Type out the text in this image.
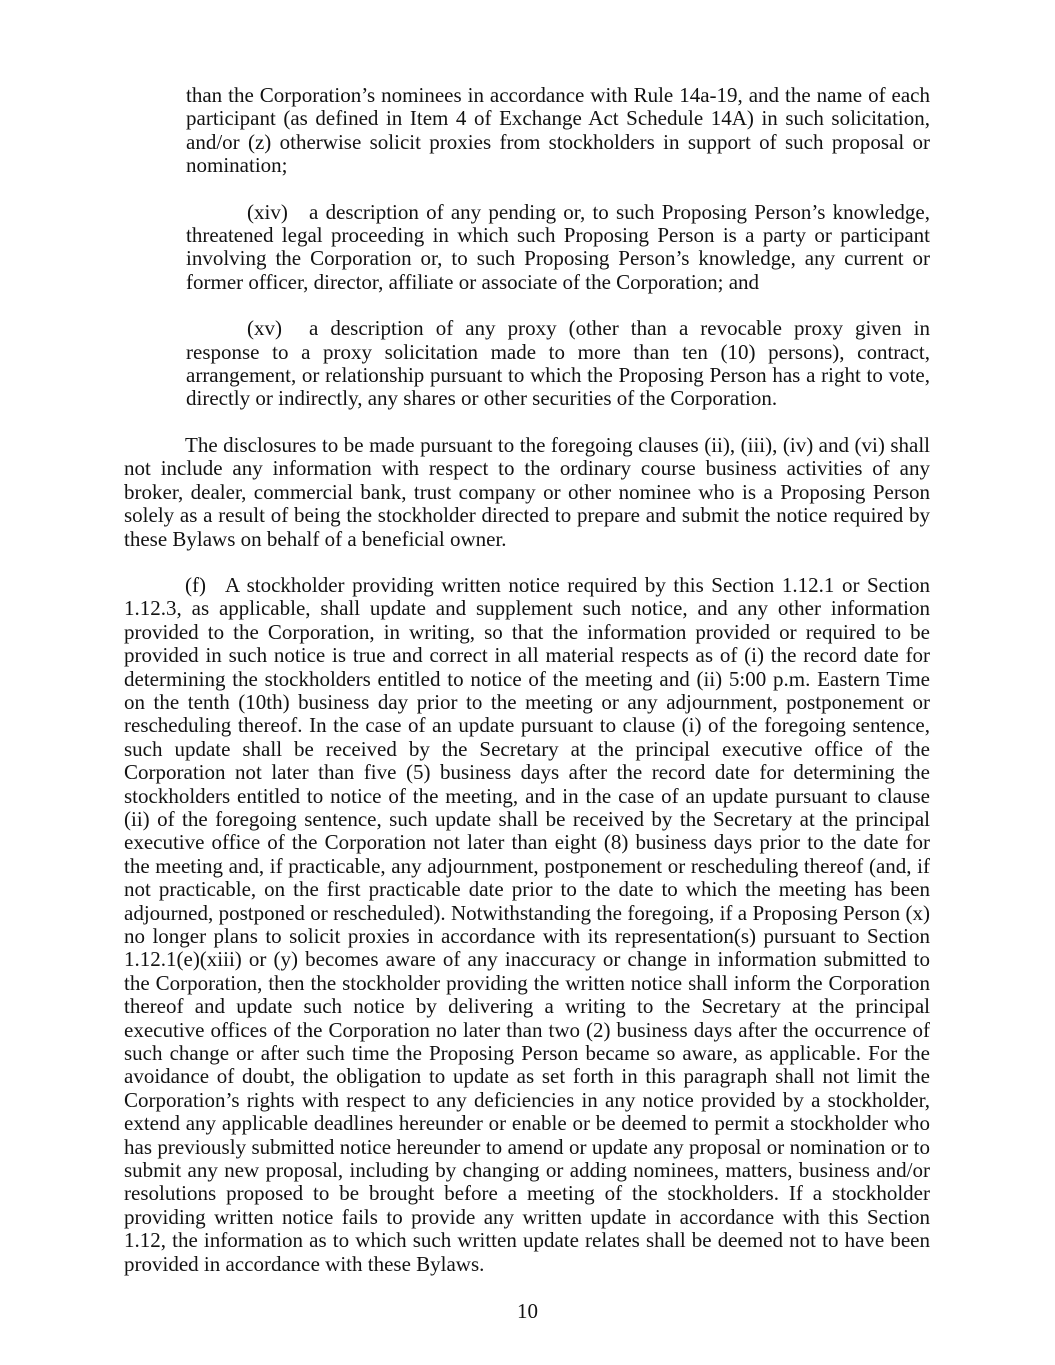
than the Corporation’s nominees in accordance with Rule 14a-19, and the name of each participant (as defined in Item 4 of Exchange Act Schedule 14A) in such solicitation, and/or (z) otherwise solicit proxies from stockholders in support of such proposal or nomination;

(xiv) a description of any pending or, to such Proposing Person’s knowledge, threatened legal proceeding in which such Proposing Person is a party or participant involving the Corporation or, to such Proposing Person’s knowledge, any current or former officer, director, affiliate or associate of the Corporation; and

(xv) a description of any proxy (other than a revocable proxy given in response to a proxy solicitation made to more than ten (10) persons), contract, arrangement, or relationship pursuant to which the Proposing Person has a right to vote, directly or indirectly, any shares or other securities of the Corporation.

The disclosures to be made pursuant to the foregoing clauses (ii), (iii), (iv) and (vi) shall not include any information with respect to the ordinary course business activities of any broker, dealer, commercial bank, trust company or other nominee who is a Proposing Person solely as a result of being the stockholder directed to prepare and submit the notice required by these Bylaws on behalf of a beneficial owner.

(f) A stockholder providing written notice required by this Section 1.12.1 or Section 1.12.3, as applicable, shall update and supplement such notice, and any other information provided to the Corporation, in writing, so that the information provided or required to be provided in such notice is true and correct in all material respects as of (i) the record date for determining the stockholders entitled to notice of the meeting and (ii) 5:00 p.m. Eastern Time on the tenth (10th) business day prior to the meeting or any adjournment, postponement or rescheduling thereof. In the case of an update pursuant to clause (i) of the foregoing sentence, such update shall be received by the Secretary at the principal executive office of the Corporation not later than five (5) business days after the record date for determining the stockholders entitled to notice of the meeting, and in the case of an update pursuant to clause (ii) of the foregoing sentence, such update shall be received by the Secretary at the principal executive office of the Corporation not later than eight (8) business days prior to the date for the meeting and, if practicable, any adjournment, postponement or rescheduling thereof (and, if not practicable, on the first practicable date prior to the date to which the meeting has been adjourned, postponed or rescheduled). Notwithstanding the foregoing, if a Proposing Person (x) no longer plans to solicit proxies in accordance with its representation(s) pursuant to Section 1.12.1(e)(xiii) or (y) becomes aware of any inaccuracy or change in information submitted to the Corporation, then the stockholder providing the written notice shall inform the Corporation thereof and update such notice by delivering a writing to the Secretary at the principal executive offices of the Corporation no later than two (2) business days after the occurrence of such change or after such time the Proposing Person became so aware, as applicable. For the avoidance of doubt, the obligation to update as set forth in this paragraph shall not limit the Corporation’s rights with respect to any deficiencies in any notice provided by a stockholder, extend any applicable deadlines hereunder or enable or be deemed to permit a stockholder who has previously submitted notice hereunder to amend or update any proposal or nomination or to submit any new proposal, including by changing or adding nominees, matters, business and/or resolutions proposed to be brought before a meeting of the stockholders. If a stockholder providing written notice fails to provide any written update in accordance with this Section 1.12, the information as to which such written update relates shall be deemed not to have been provided in accordance with these Bylaws.

10
